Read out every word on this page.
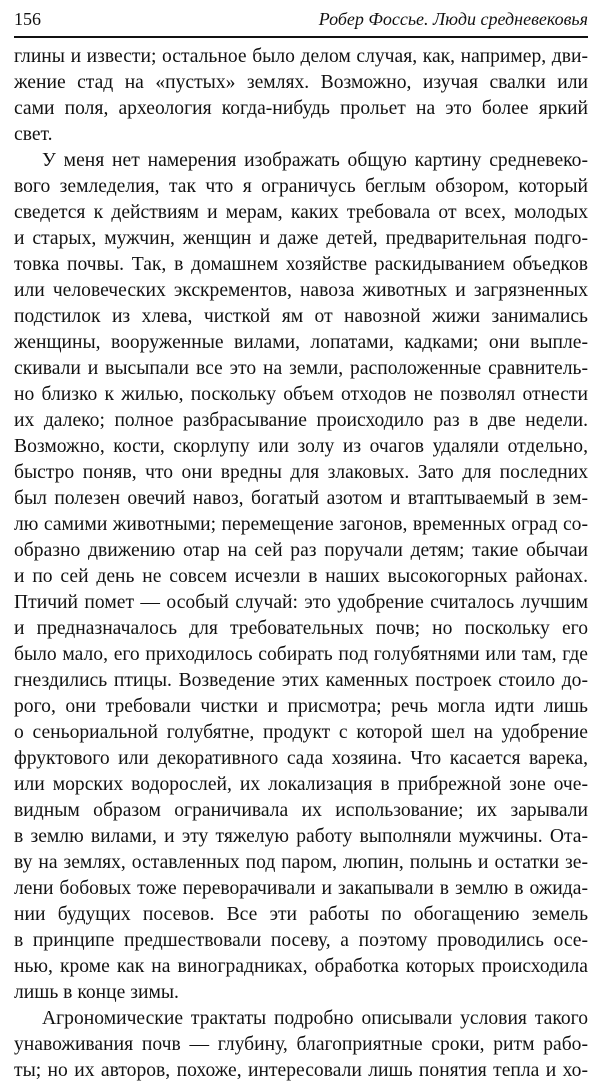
156	Робер Фоссье. Люди средневековья
глины и извести; остальное было делом случая, как, например, дви-
жение стад на «пустых» землях. Возможно, изучая свалки или
сами поля, археология когда-нибудь прольет на это более яркий
свет.
У меня нет намерения изображать общую картину средневеко-
вого земледелия, так что я ограничусь беглым обзором, который
сведется к действиям и мерам, каких требовала от всех, молодых
и старых, мужчин, женщин и даже детей, предварительная подго-
товка почвы. Так, в домашнем хозяйстве раскидыванием объедков
или человеческих экскрементов, навоза животных и загрязненных
подстилок из хлева, чисткой ям от навозной жижи занимались
женщины, вооруженные вилами, лопатами, кадками; они выпле-
скивали и высыпали все это на земли, расположенные сравнитель-
но близко к жилью, поскольку объем отходов не позволял отнести
их далеко; полное разбрасывание происходило раз в две недели.
Возможно, кости, скорлупу или золу из очагов удаляли отдельно,
быстро поняв, что они вредны для злаковых. Зато для последних
был полезен овечий навоз, богатый азотом и втаптываемый в зем-
лю самими животными; перемещение загонов, временных оград со-
образно движению отар на сей раз поручали детям; такие обычаи
и по сей день не совсем исчезли в наших высокогорных районах.
Птичий помет — особый случай: это удобрение считалось лучшим
и предназначалось для требовательных почв; но поскольку его
было мало, его приходилось собирать под голубятнями или там, где
гнездились птицы. Возведение этих каменных построек стоило до-
рого, они требовали чистки и присмотра; речь могла идти лишь
о сеньориальной голубятне, продукт с которой шел на удобрение
фруктового или декоративного сада хозяина. Что касается варека,
или морских водорослей, их локализация в прибрежной зоне оче-
видным образом ограничивала их использование; их зарывали
в землю вилами, и эту тяжелую работу выполняли мужчины. Ота-
ву на землях, оставленных под паром, люпин, полынь и остатки зе-
лени бобовых тоже переворачивали и закапывали в землю в ожида-
нии будущих посевов. Все эти работы по обогащению земель
в принципе предшествовали посеву, а поэтому проводились осе-
нью, кроме как на виноградниках, обработка которых происходила
лишь в конце зимы.
Агрономические трактаты подробно описывали условия такого
унавоживания почв — глубину, благоприятные сроки, ритм рабо-
ты; но их авторов, похоже, интересовали лишь понятия тепла и хо-
